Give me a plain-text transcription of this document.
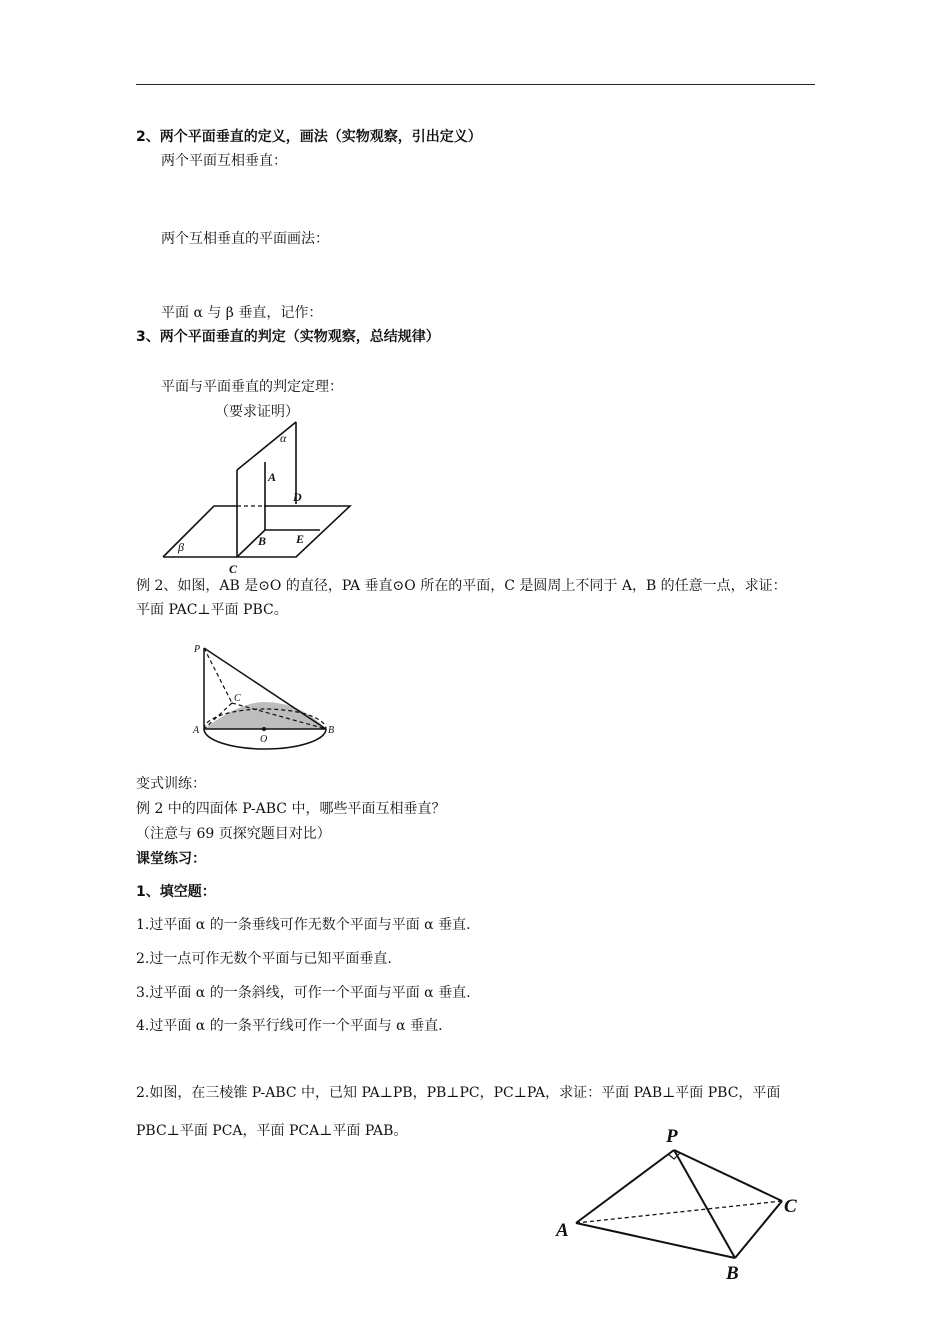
2、两个平面垂直的定义，画法（实物观察，引出定义）
两个平面互相垂直：
两个互相垂直的平面画法：
平面 α 与 β 垂直，记作：
3、两个平面垂直的判定（实物观察，总结规律）
平面与平面垂直的判定定理：
（要求证明）
α
A
D
β	B E
C
例 2、如图，AB 是⊙O 的直径，PA 垂直⊙O 所在的平面，C 是圆周上不同于 A，B 的任意一点，求证：
平面 PAC⊥平面 PBC。
P
C
A
O
B
变式训练：
例 2 中的四面体 P-ABC 中，哪些平面互相垂直？
（注意与 69 页探究题目对比）
课堂练习：
1、填空题：
1.过平面 α 的一条垂线可作无数个平面与平面 α 垂直.
2.过一点可作无数个平面与已知平面垂直.
3.过平面 α 的一条斜线，可作一个平面与平面 α 垂直.
4.过平面 α 的一条平行线可作一个平面与 α 垂直.
2.如图，在三棱锥 P-ABC 中，已知 PA⊥PB，PB⊥PC，PC⊥PA，求证：平面 PAB⊥平面 PBC，平面
PBC⊥平面 PCA，平面 PCA⊥平面 PAB。	P
C
A
B
